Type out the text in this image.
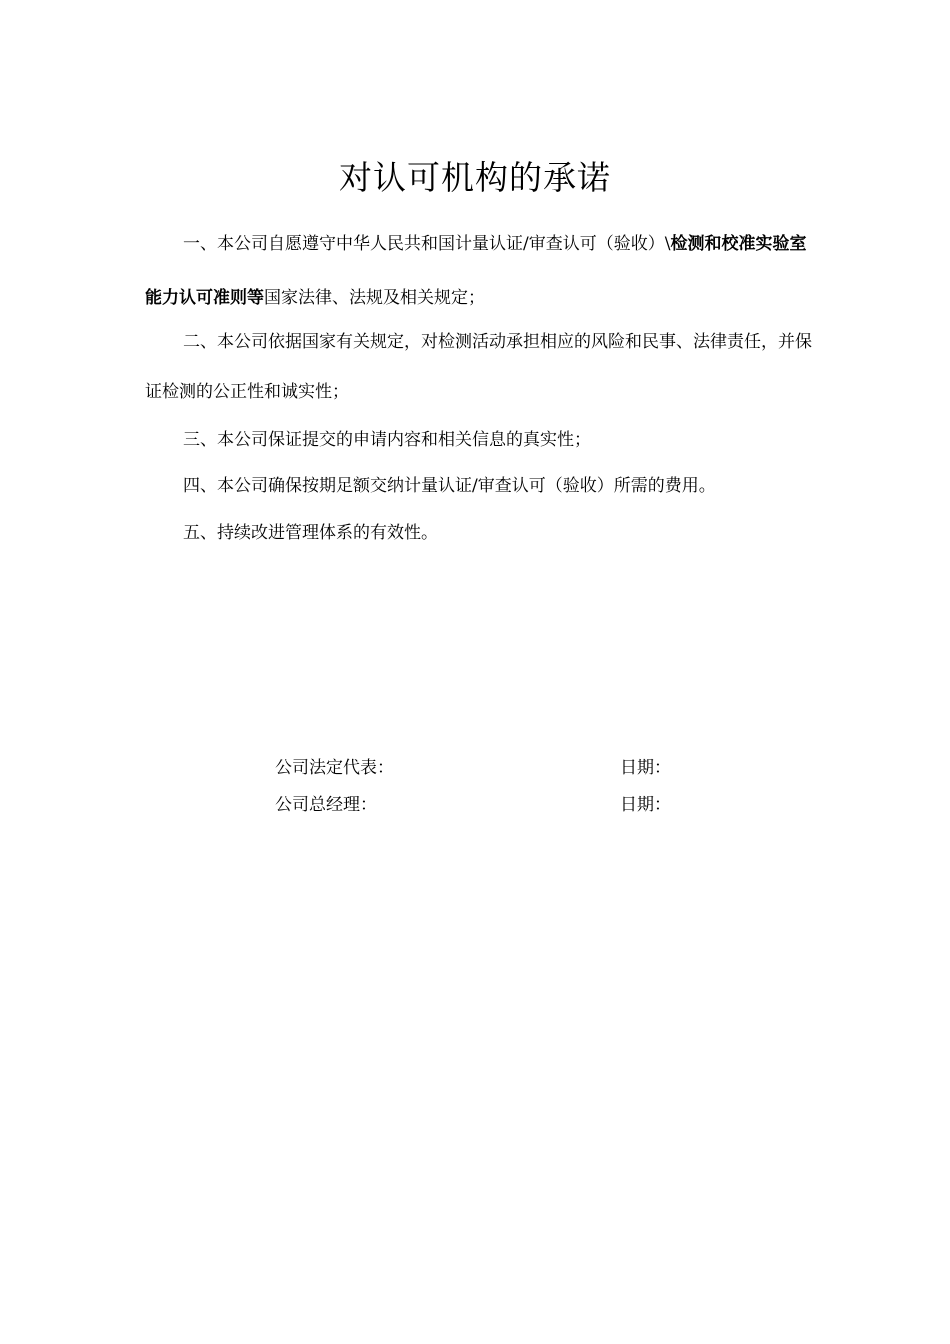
对认可机构的承诺
一、本公司自愿遵守中华人民共和国计量认证/审查认可（验收）\检测和校准实验室能力认可准则等国家法律、法规及相关规定；
二、本公司依据国家有关规定，对检测活动承担相应的风险和民事、法律责任，并保证检测的公正性和诚实性；
三、本公司保证提交的申请内容和相关信息的真实性；
四、本公司确保按期足额交纳计量认证/审查认可（验收）所需的费用。
五、持续改进管理体系的有效性。
公司法定代表：	日期：
公司总经理：	日期：
